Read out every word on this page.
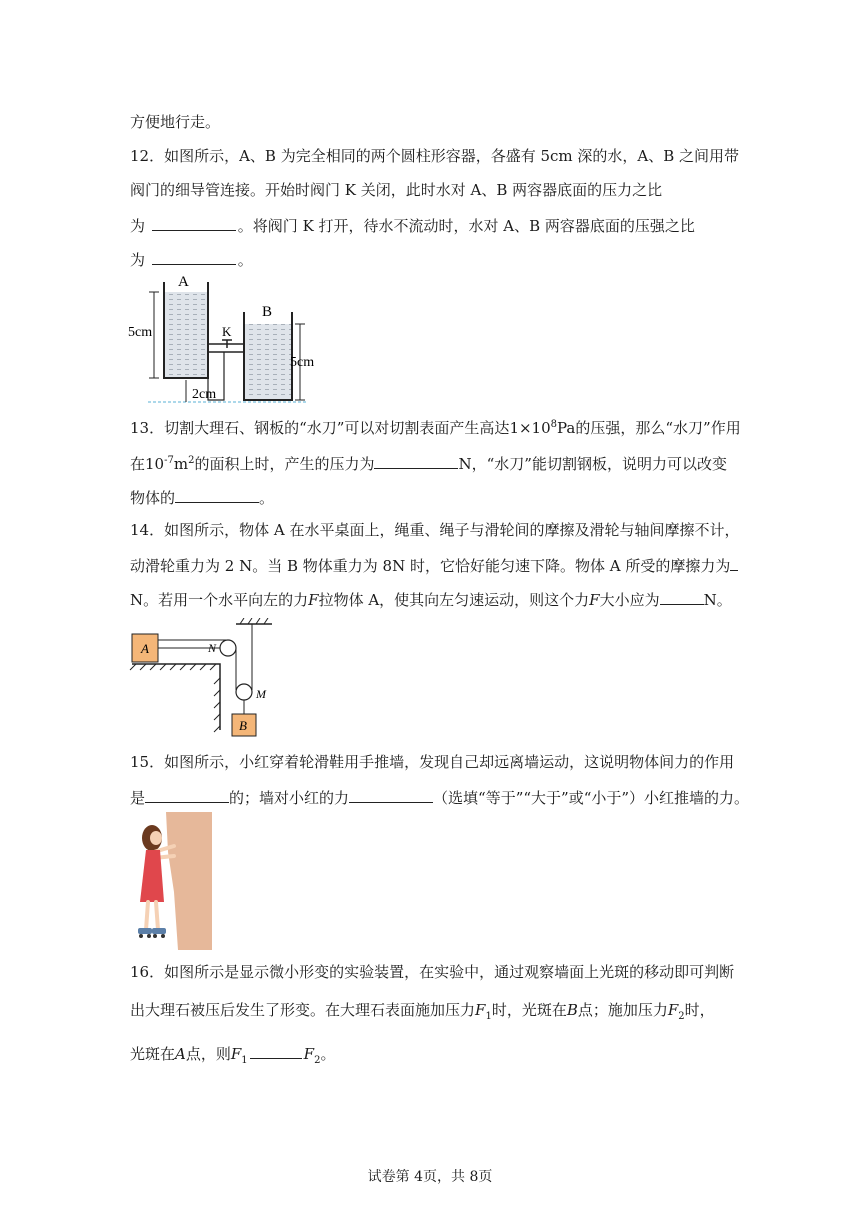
方便地行走。
12．如图所示，A、B 为完全相同的两个圆柱形容器，各盛有 5cm 深的水，A、B 之间用带
阀门的细导管连接。开始时阀门 K 关闭，此时水对 A、B 两容器底面的压力之比
为	。将阀门 K 打开，待水不流动时，水对 A、B 两容器底面的压强之比
为	。
K
A
B
5cm
5cm
2cm
13．切割大理石、钢板的“水刀”可以对切割表面产生高达$1\times 10^8Pa$的压强，那么“水刀”作用
在$10^{-7}m^2$的面积上时，产生的压力为	N，“水刀”能切割钢板，说明力可以改变
物体的	。
14．如图所示，物体 A 在水平桌面上，绳重、绳子与滑轮间的摩擦及滑轮与轴间摩擦不计，
动滑轮重力为 2 N。当 B 物体重力为 8N 时，它恰好能匀速下降。物体 A 所受的摩擦力为
N。若用一个水平向左的力F拉物体 A，使其向左匀速运动，则这个力F大小应为	N。
A	N
M
B
15．如图所示，小红穿着轮滑鞋用手推墙，发现自己却远离墙运动，这说明物体间力的作用
是	的；墙对小红的力	（选填“等于”“大于”或“小于”）小红推墙的力。
16．如图所示是显示微小形变的实验装置，在实验中，通过观察墙面上光斑的移动即可判断
出大理石被压后发生了形变。在大理石表面施加压力$F_1$时，光斑在B点；施加压力$F_2$时，
光斑在A点，则$F_1$	$F_2$。
试卷第 4页，共 8页
